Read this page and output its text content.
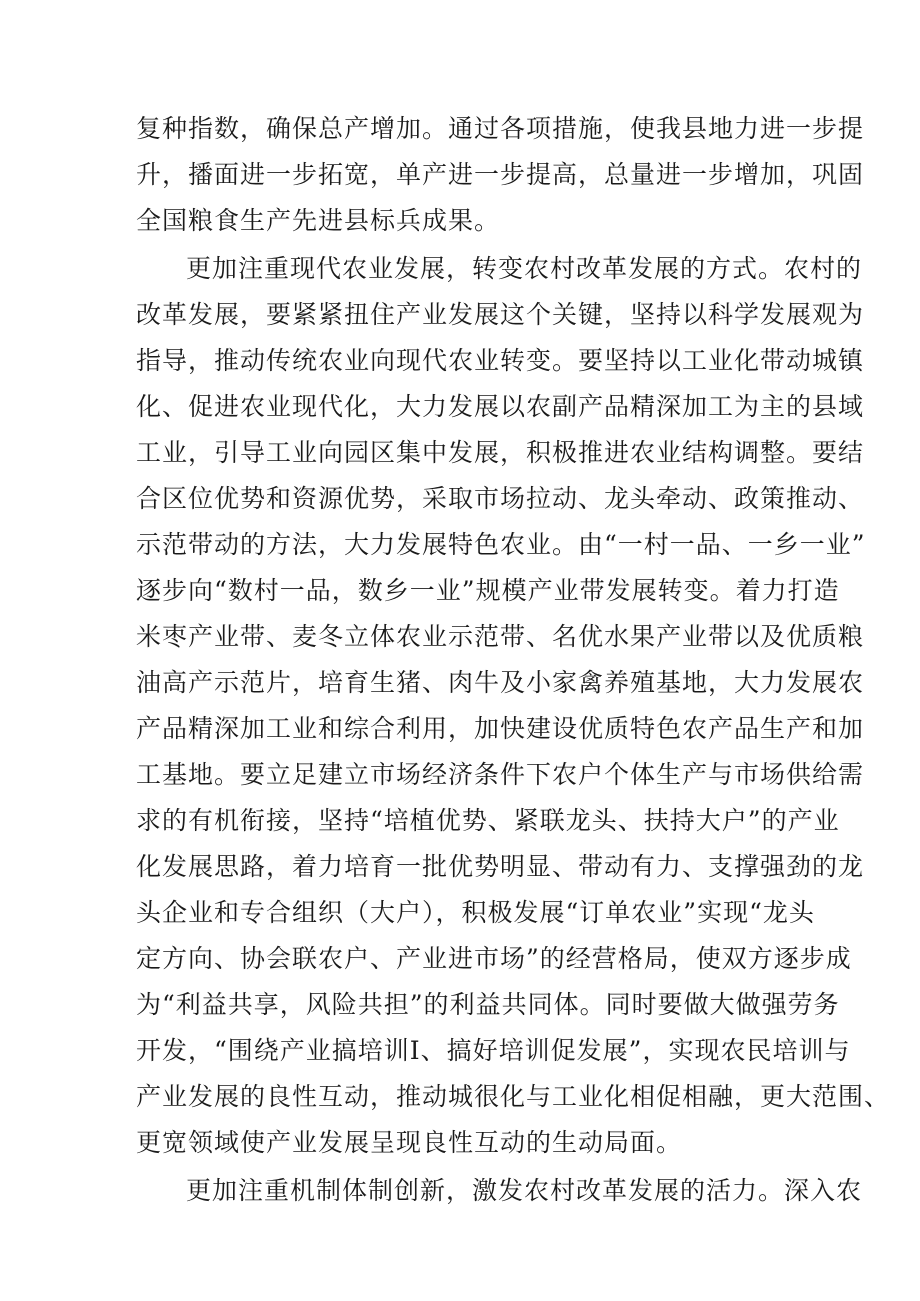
复种指数，确保总产增加。通过各项措施，使我县地力进一步提
升，播面进一步拓宽，单产进一步提高，总量进一步增加，巩固
全国粮食生产先进县标兵成果。
更加注重现代农业发展，转变农村改革发展的方式。农村的
改革发展，要紧紧扭住产业发展这个关键，坚持以科学发展观为
指导，推动传统农业向现代农业转变。要坚持以工业化带动城镇
化、促进农业现代化，大力发展以农副产品精深加工为主的县域
工业，引导工业向园区集中发展，积极推进农业结构调整。要结
合区位优势和资源优势，采取市场拉动、龙头牵动、政策推动、
示范带动的方法，大力发展特色农业。由“一村一品、一乡一业”
逐步向“数村一品，数乡一业”规模产业带发展转变。着力打造
米枣产业带、麦冬立体农业示范带、名优水果产业带以及优质粮
油高产示范片，培育生猪、肉牛及小家禽养殖基地，大力发展农
产品精深加工业和综合利用，加快建设优质特色农产品生产和加
工基地。要立足建立市场经济条件下农户个体生产与市场供给需
求的有机衔接，坚持“培植优势、紧联龙头、扶持大户”的产业
化发展思路，着力培育一批优势明显、带动有力、支撑强劲的龙
头企业和专合组织（大户），积极发展“订单农业”实现“龙头
定方向、协会联农户、产业进市场”的经营格局，使双方逐步成
为“利益共享，风险共担”的利益共同体。同时要做大做强劳务
开发，“围绕产业搞培训I、搞好培训促发展”，实现农民培训与
产业发展的良性互动，推动城很化与工业化相促相融，更大范围、
更宽领域使产业发展呈现良性互动的生动局面。
更加注重机制体制创新，激发农村改革发展的活力。深入农
